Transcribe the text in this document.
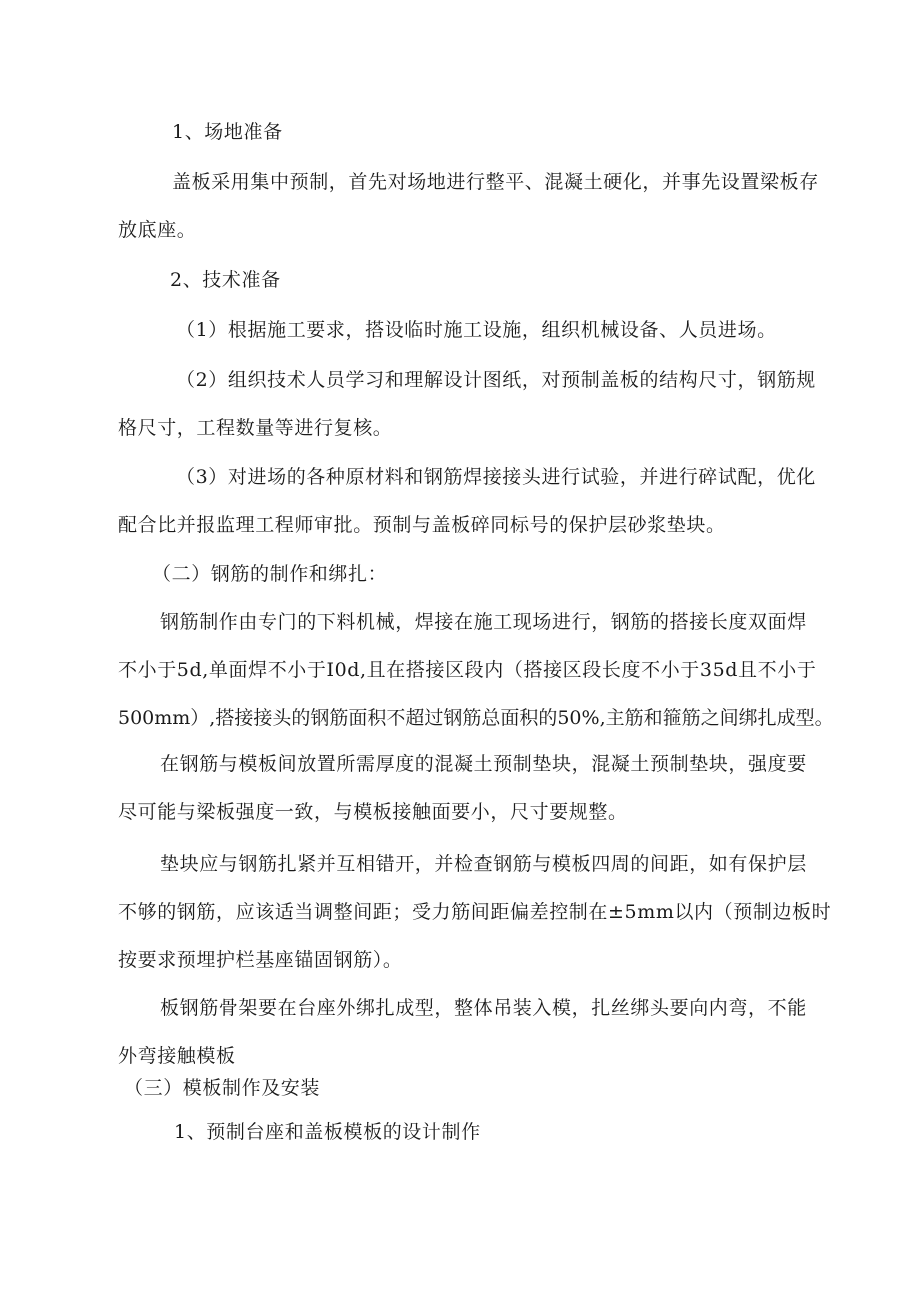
1、场地准备
盖板采用集中预制，首先对场地进行整平、混凝土硬化，并事先设置梁板存
放底座。
2、技术准备
（1）根据施工要求，搭设临时施工设施，组织机械设备、人员进场。
（2）组织技术人员学习和理解设计图纸，对预制盖板的结构尺寸，钢筋规
格尺寸，工程数量等进行复核。
（3）对进场的各种原材料和钢筋焊接接头进行试验，并进行碎试配，优化
配合比并报监理工程师审批。预制与盖板碎同标号的保护层砂浆垫块。
（二）钢筋的制作和绑扎：
钢筋制作由专门的下料机械，焊接在施工现场进行，钢筋的搭接长度双面焊
不小于5d,单面焊不小于I0d,且在搭接区段内（搭接区段长度不小于35d且不小于
500mm）,搭接接头的钢筋面积不超过钢筋总面积的50%,主筋和箍筋之间绑扎成型。
在钢筋与模板间放置所需厚度的混凝土预制垫块，混凝土预制垫块，强度要
尽可能与梁板强度一致，与模板接触面要小，尺寸要规整。
垫块应与钢筋扎紧并互相错开，并检查钢筋与模板四周的间距，如有保护层
不够的钢筋，应该适当调整间距；受力筋间距偏差控制在±5mm以内（预制边板时
按要求预埋护栏基座锚固钢筋）。
板钢筋骨架要在台座外绑扎成型，整体吊装入模，扎丝绑头要向内弯，不能
外弯接触模板
（三）模板制作及安装
1、预制台座和盖板模板的设计制作
